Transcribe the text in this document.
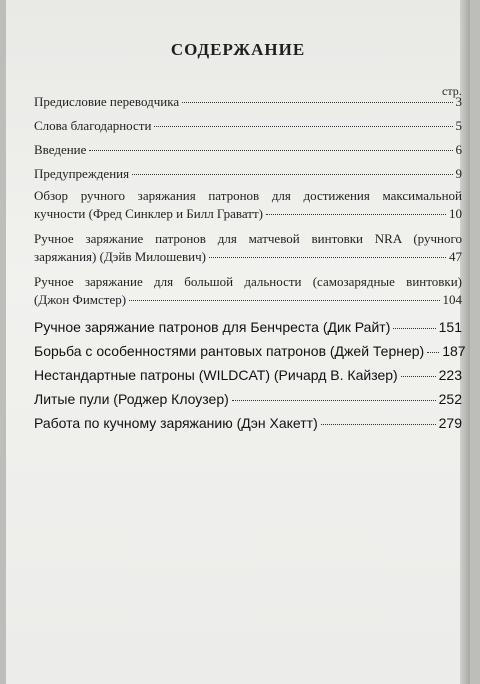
СОДЕРЖАНИЕ
стр.
Предисловие переводчика	3
Слова благодарности	5
Введение	6
Предупреждения	9
Обзор ручного заряжания патронов для достижения максимальной
кучности (Фред Синклер и Билл Граватт)	10
Ручное заряжание патронов для матчевой винтовки NRA (ручного
заряжания) (Дэйв Милошевич)	47
Ручное заряжание для большой дальности (самозарядные винтовки)
(Джон Фимстер)	104
Ручное заряжание патронов для Бенчреста (Дик Райт)	151
Борьба с особенностями рантовых патронов (Джей Тернер) 187
Нестандартные патроны (WILDCAT) (Ричард В. Кайзер)	223
Литые пули (Роджер Клоузер)	252
Работа по кучному заряжанию (Дэн Хакетт)	279
